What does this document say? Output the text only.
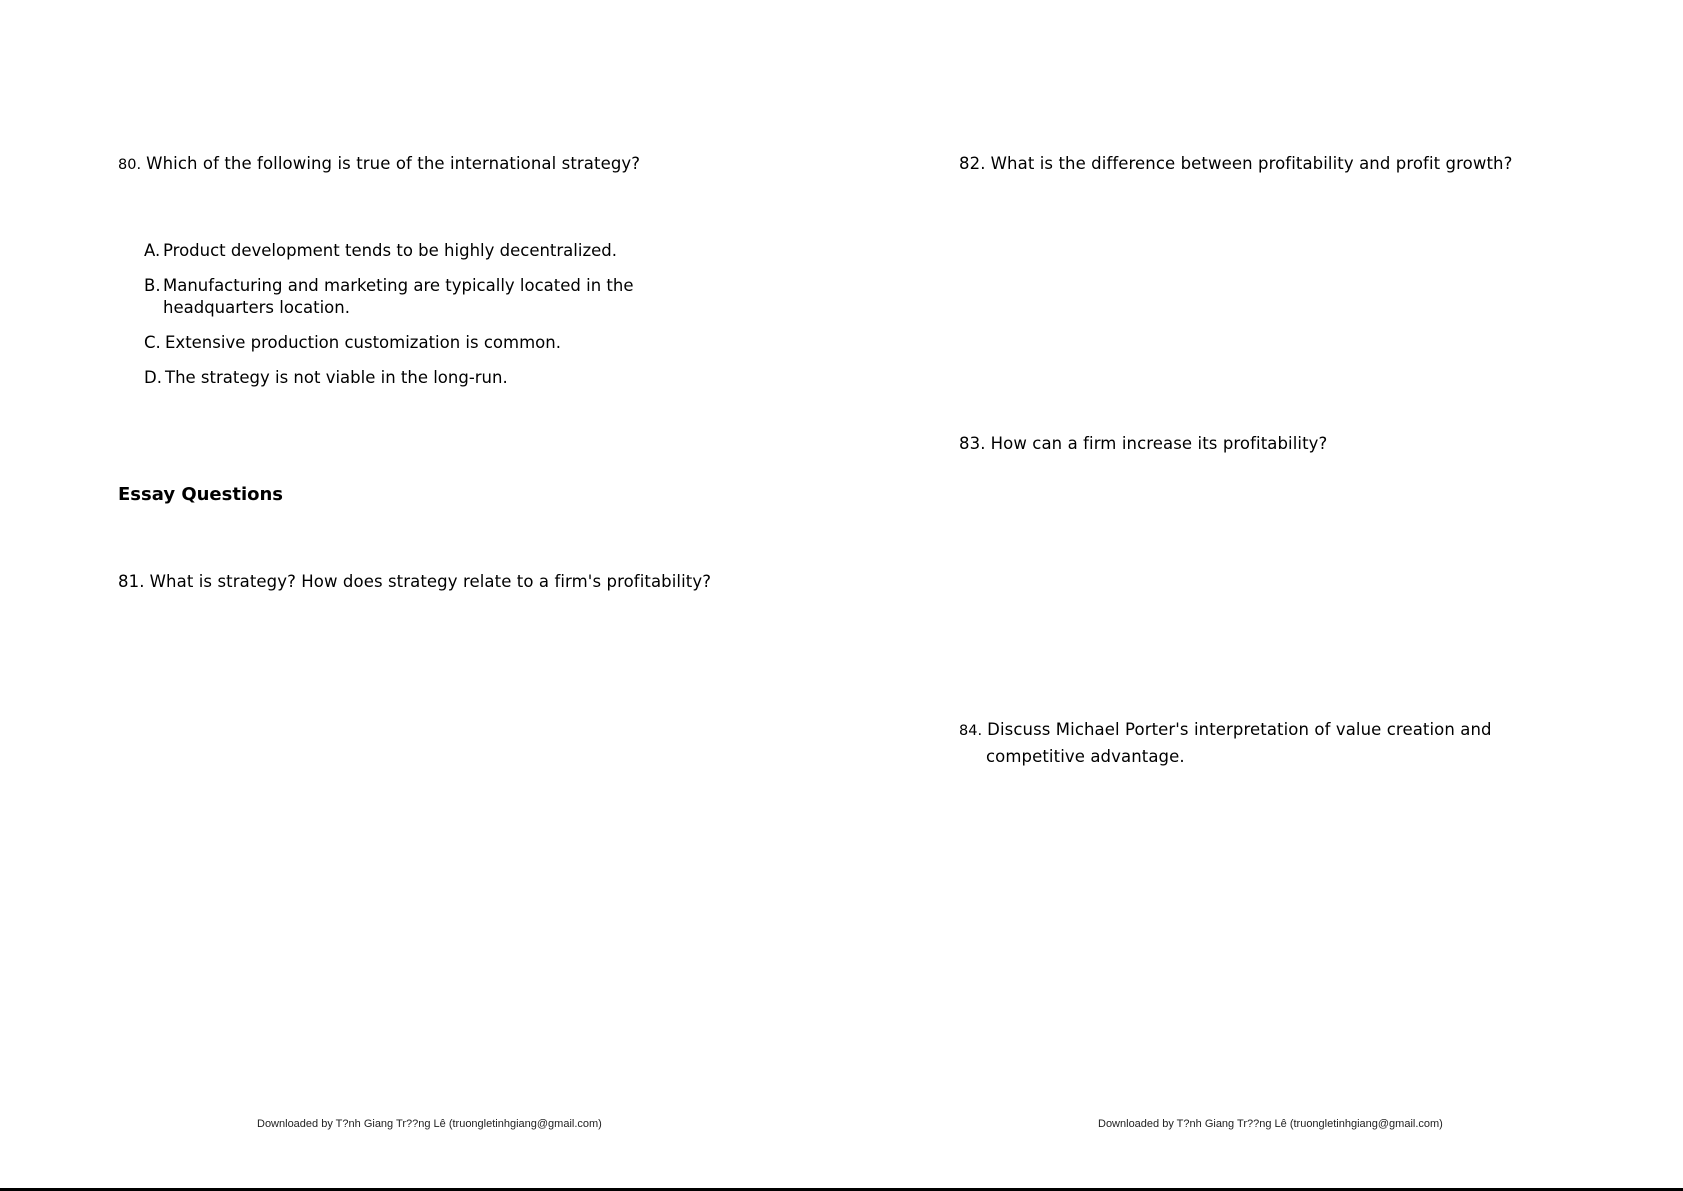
80. Which of the following is true of the international strategy?
A. Product development tends to be highly decentralized.
B. Manufacturing and marketing are typically located in the headquarters location.
C. Extensive production customization is common.
D. The strategy is not viable in the long-run.
Essay Questions
81. What is strategy? How does strategy relate to a firm's profitability?
Downloaded by T?nh Giang Tr??ng Lê (truongletinhgiang@gmail.com)
82. What is the difference between profitability and profit growth?
83. How can a firm increase its profitability?
84. Discuss Michael Porter's interpretation of value creation and
competitive advantage.
Downloaded by T?nh Giang Tr??ng Lê (truongletinhgiang@gmail.com)
